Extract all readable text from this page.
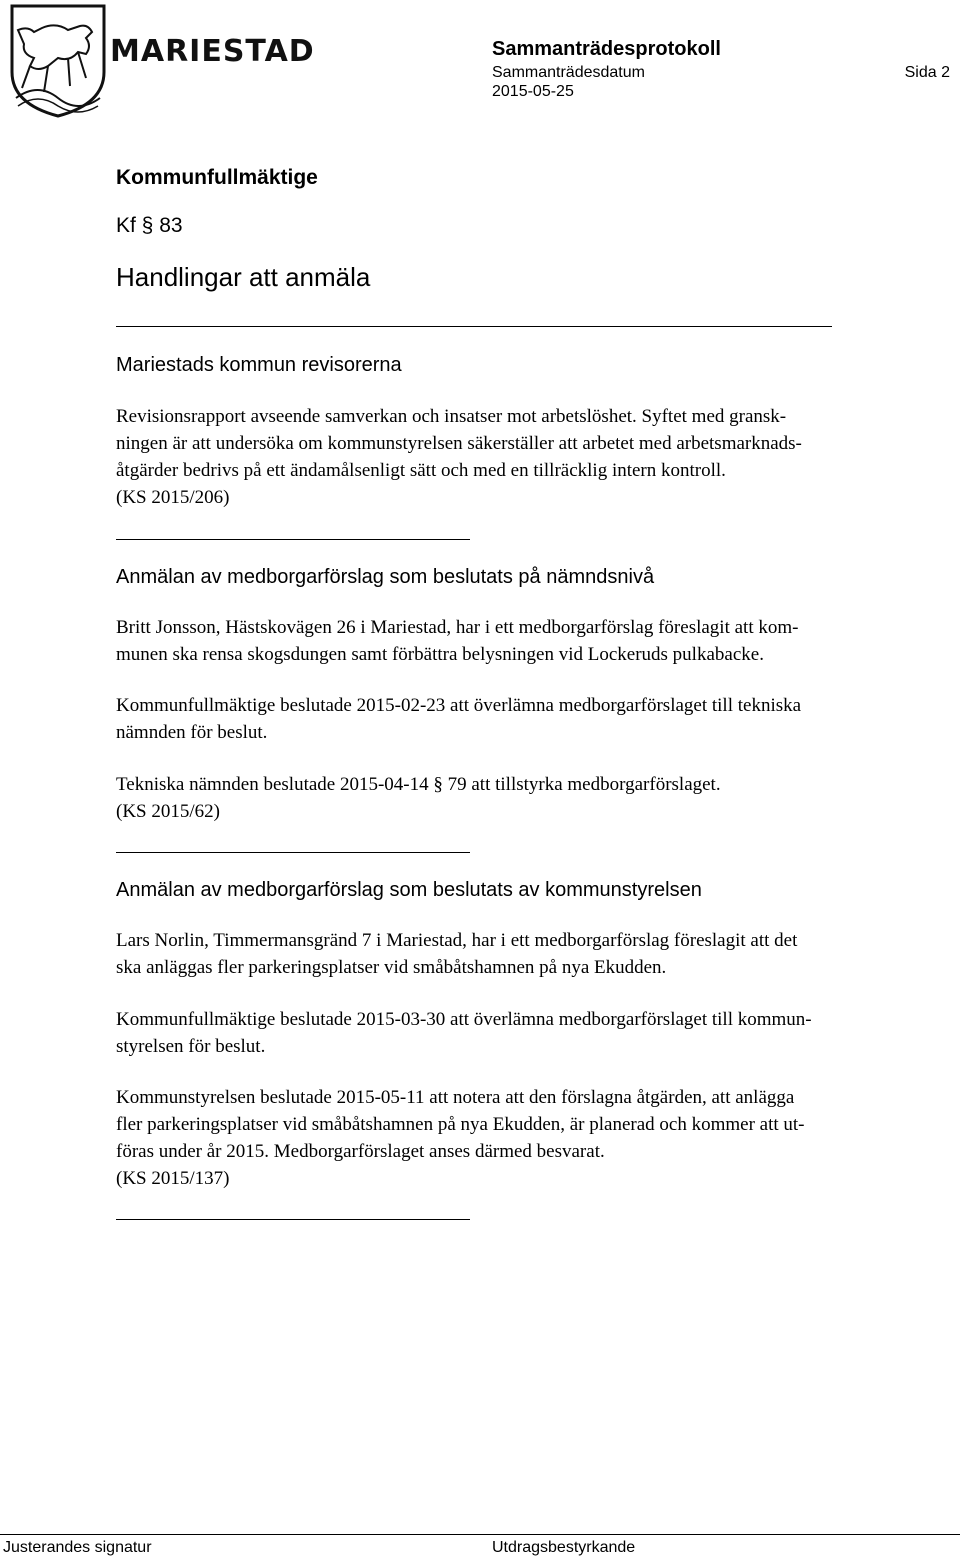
MARIESTAD	Sammanträdesprotokoll
Sammanträdesdatum
2015-05-25
Sida 2
Kommunfullmäktige
Kf § 83
Handlingar att anmäla
Mariestads kommun revisorerna
Revisionsrapport avseende samverkan och insatser mot arbetslöshet. Syftet med gransk-
ningen är att undersöka om kommunstyrelsen säkerställer att arbetet med arbetsmarknads-
åtgärder bedrivs på ett ändamålsenligt sätt och med en tillräcklig intern kontroll.
(KS 2015/206)
Anmälan av medborgarförslag som beslutats på nämndsnivå
Britt Jonsson, Hästskovägen 26 i Mariestad, har i ett medborgarförslag föreslagit att kom-
munen ska rensa skogsdungen samt förbättra belysningen vid Lockeruds pulkabacke.
Kommunfullmäktige beslutade 2015-02-23 att överlämna medborgarförslaget till tekniska
nämnden för beslut.
Tekniska nämnden beslutade 2015-04-14 § 79 att tillstyrka medborgarförslaget.
(KS 2015/62)
Anmälan av medborgarförslag som beslutats av kommunstyrelsen
Lars Norlin, Timmermansgränd 7 i Mariestad, har i ett medborgarförslag föreslagit att det
ska anläggas fler parkeringsplatser vid småbåtshamnen på nya Ekudden.
Kommunfullmäktige beslutade 2015-03-30 att överlämna medborgarförslaget till kommun-
styrelsen för beslut.
Kommunstyrelsen beslutade 2015-05-11 att notera att den förslagna åtgärden, att anlägga
fler parkeringsplatser vid småbåtshamnen på nya Ekudden, är planerad och kommer att ut-
föras under år 2015. Medborgarförslaget anses därmed besvarat.
(KS 2015/137)
Justerandes signatur	Utdragsbestyrkande
